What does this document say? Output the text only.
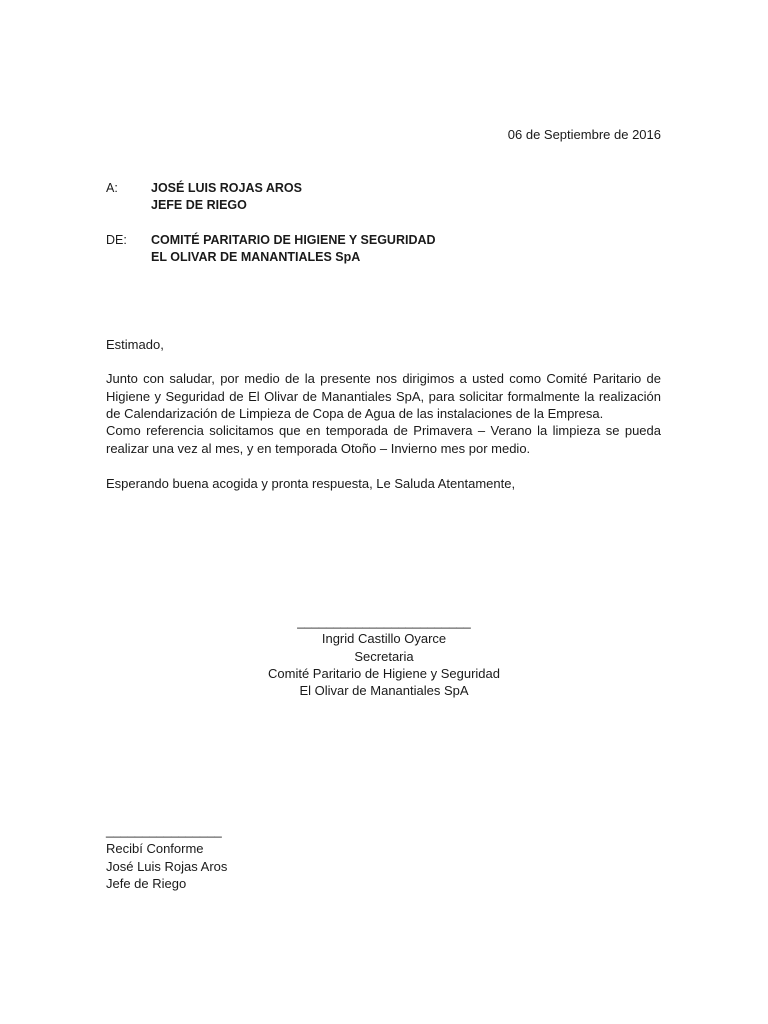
06 de Septiembre de 2016
A:	JOSÉ LUIS ROJAS AROS
JEFE DE RIEGO
DE: COMITÉ PARITARIO DE HIGIENE Y SEGURIDAD
EL OLIVAR DE MANANTIALES SpA
Estimado,

Junto con saludar, por medio de la presente nos dirigimos a usted como Comité Paritario de Higiene y Seguridad de El Olivar de Manantiales SpA, para solicitar formalmente la realización de Calendarización de Limpieza de Copa de Agua de las instalaciones de la Empresa.

Como referencia solicitamos que en temporada de Primavera – Verano la limpieza se pueda realizar una vez al mes, y en temporada Otoño – Invierno mes por medio.

Esperando buena acogida y pronta respuesta, Le Saluda Atentamente,
________________________
Ingrid Castillo Oyarce
Secretaria
Comité Paritario de Higiene y Seguridad
El Olivar de Manantiales SpA
________________
Recibí Conforme
José Luis Rojas Aros
Jefe de Riego
